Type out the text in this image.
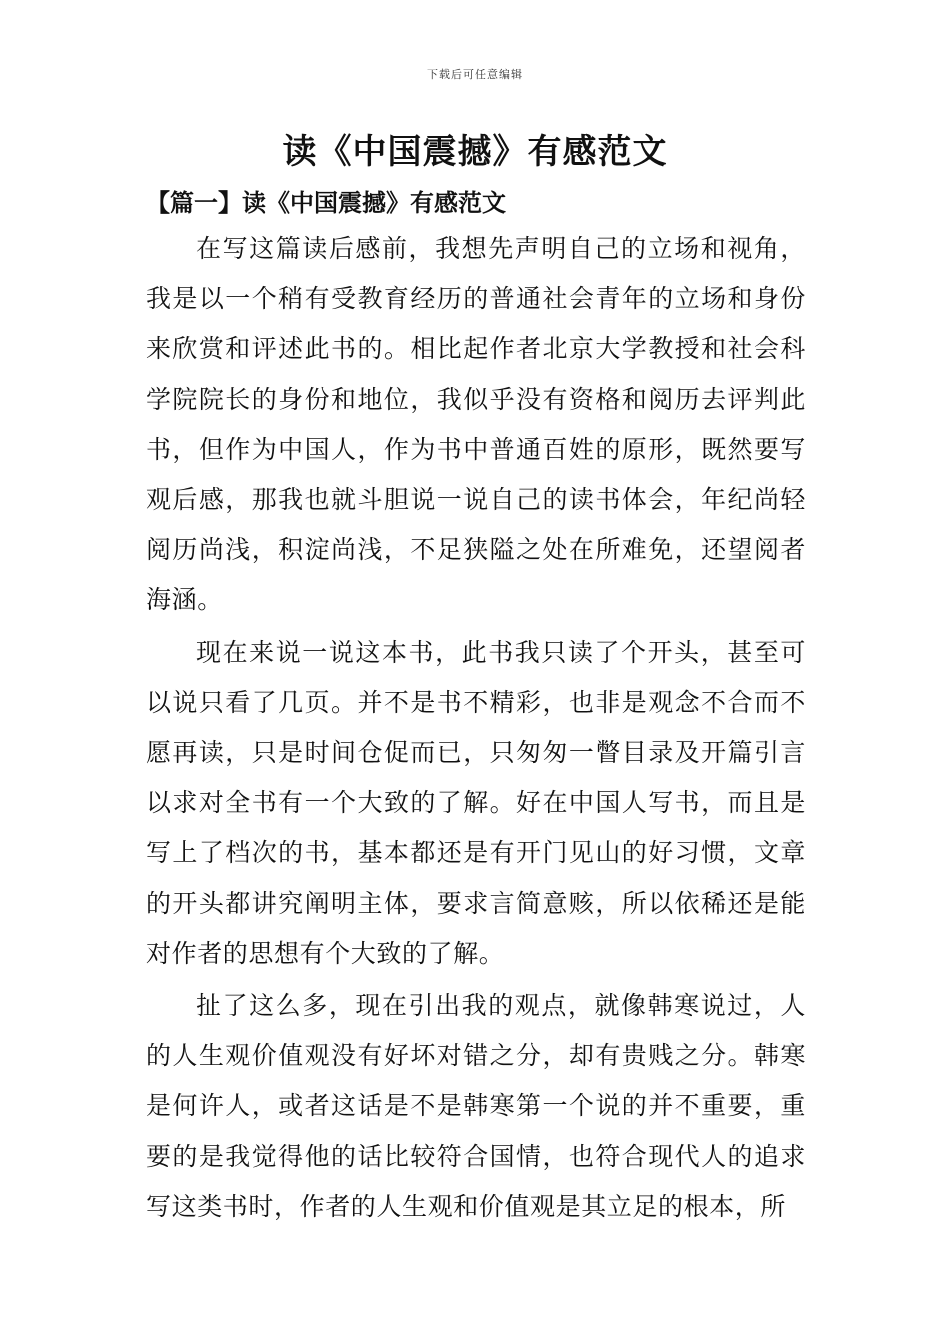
下载后可任意编辑
读《中国震撼》有感范文
【篇一】读《中国震撼》有感范文

在写这篇读后感前，我想先声明自己的立场和视角，我是以一个稍有受教育经历的普通社会青年的立场和身份来欣赏和评述此书的。相比起作者北京大学教授和社会科学院院长的身份和地位，我似乎没有资格和阅历去评判此书，但作为中国人，作为书中普通百姓的原形，既然要写观后感，那我也就斗胆说一说自己的读书体会，年纪尚轻阅历尚浅，积淀尚浅，不足狭隘之处在所难免，还望阅者海涵。

现在来说一说这本书，此书我只读了个开头，甚至可以说只看了几页。并不是书不精彩，也非是观念不合而不愿再读，只是时间仓促而已，只匆匆一瞥目录及开篇引言以求对全书有一个大致的了解。好在中国人写书，而且是写上了档次的书，基本都还是有开门见山的好习惯，文章的开头都讲究阐明主体，要求言简意赅，所以依稀还是能对作者的思想有个大致的了解。

扯了这么多，现在引出我的观点，就像韩寒说过，人的人生观价值观没有好坏对错之分，却有贵贱之分。韩寒是何许人，或者这话是不是韩寒第一个说的并不重要，重要的是我觉得他的话比较符合国情，也符合现代人的追求写这类书时，作者的人生观和价值观是其立足的根本，所
